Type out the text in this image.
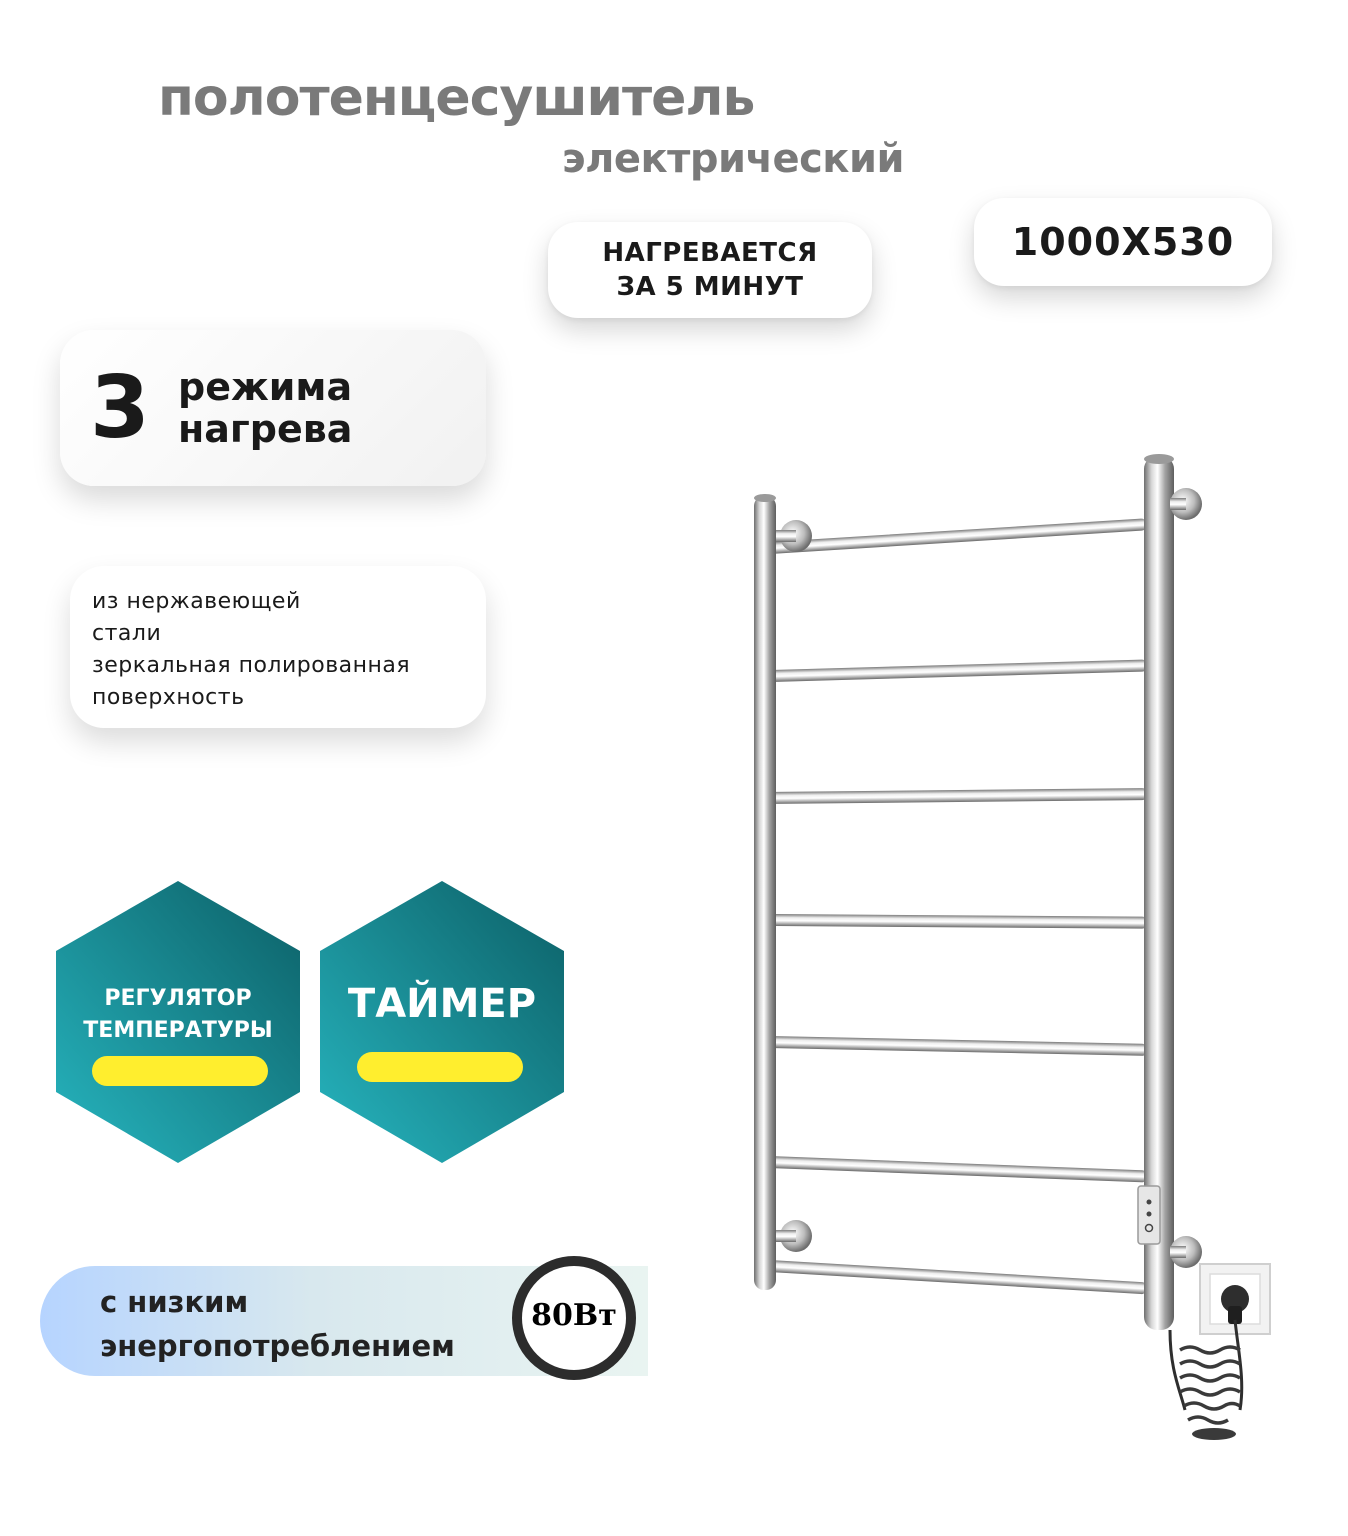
полотенцесушитель
электрический
НАГРЕВАЕТСЯ
ЗА 5 МИНУТ
1000X530
3 режима
нагрева
из нержавеющей
стали
зеркальная полированная
поверхность
РЕГУЛЯТОР
ТЕМПЕРАТУРЫ
ТАЙМЕР
с низким
энергопотреблением
80Вт
